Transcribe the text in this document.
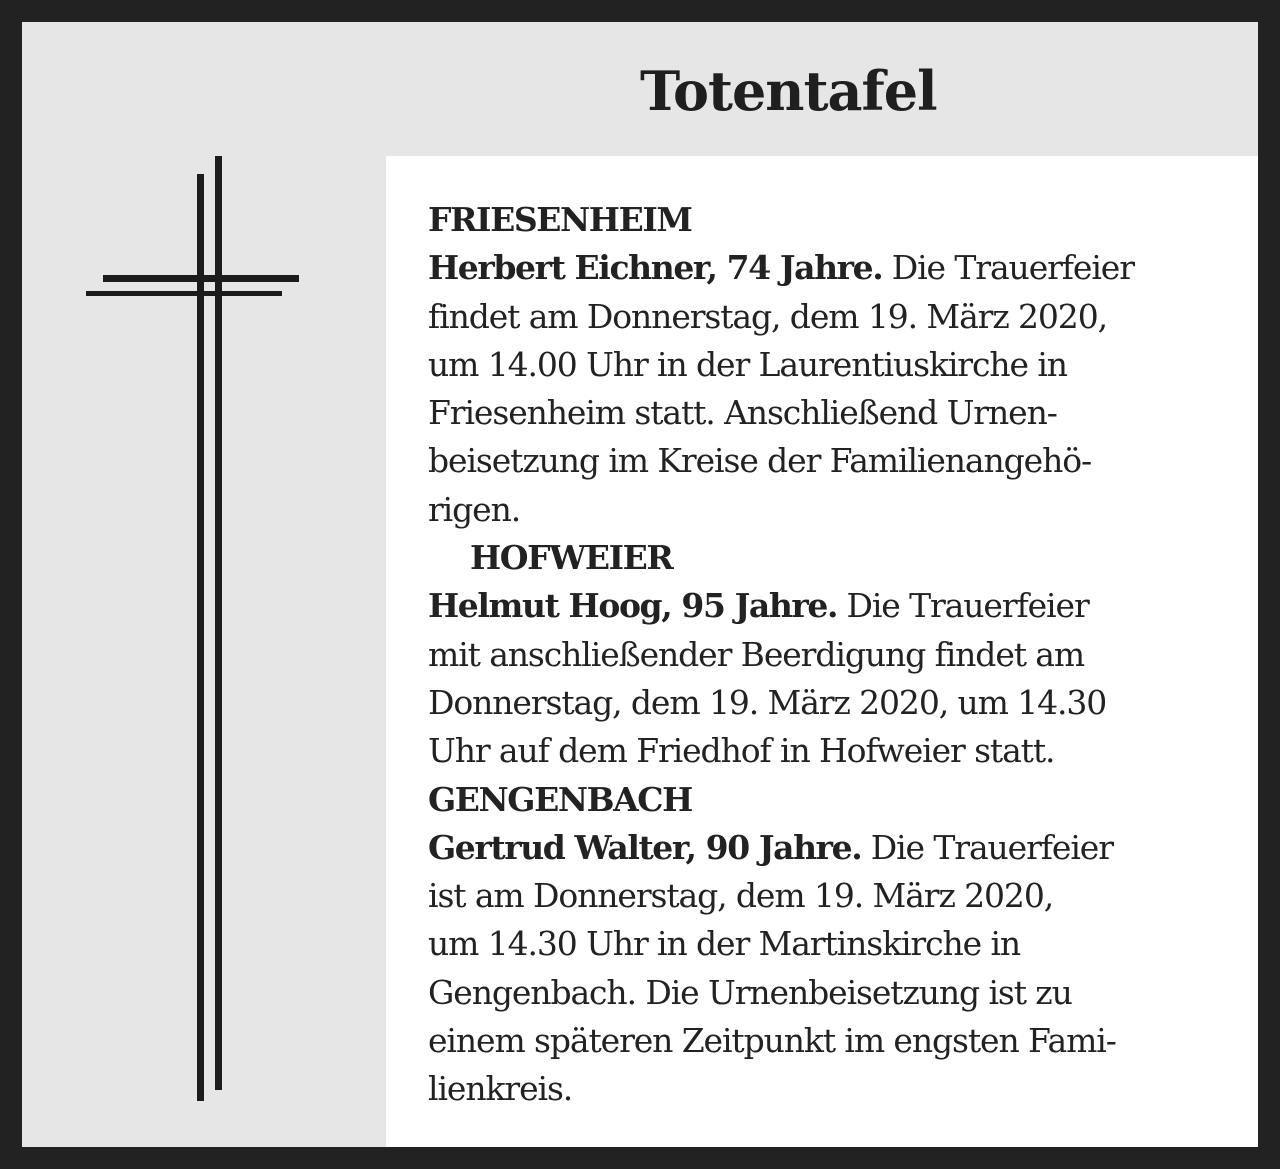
Totentafel

FRIESENHEIM

Herbert Eichner, 74 Jahre. Die Trauerfeier

findet am Donnerstag, dem 19. März 2020,

um 14.00 Uhr in der Laurentiuskirche in

Friesenheim statt. Anschließend Urnen-

beisetzung im Kreise der Familienangehö-

rigen.

HOFWEIER

Helmut Hoog, 95 Jahre. Die Trauerfeier

mit anschließender Beerdigung findet am

Donnerstag, dem 19. März 2020, um 14.30

Uhr auf dem Friedhof in Hofweier statt.

GENGENBACH

Gertrud Walter, 90 Jahre. Die Trauerfeier

ist am Donnerstag, dem 19. März 2020,

um 14.30 Uhr in der Martinskirche in

Gengenbach. Die Urnenbeisetzung ist zu

einem späteren Zeitpunkt im engsten Fami-

lienkreis.
